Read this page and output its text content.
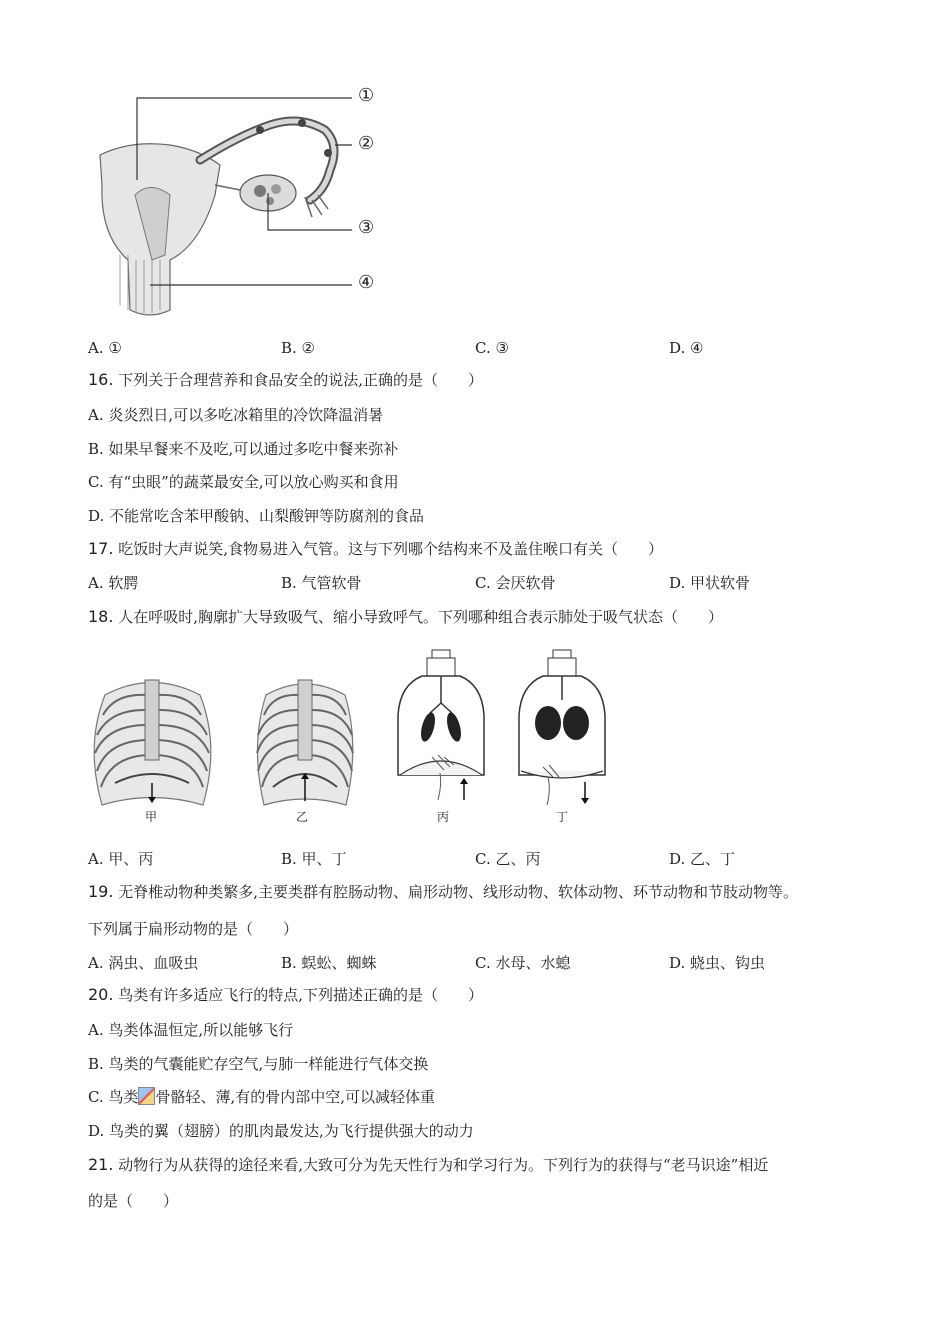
①
②
③
④
A. ①	B. ②	C. ③	D. ④
16. 下列关于合理营养和食品安全的说法,正确的是（　　）
A. 炎炎烈日,可以多吃冰箱里的冷饮降温消暑
B. 如果早餐来不及吃,可以通过多吃中餐来弥补
C. 有“虫眼”的蔬菜最安全,可以放心购买和食用
D. 不能常吃含苯甲酸钠、山梨酸钾等防腐剂的食品
17. 吃饭时大声说笑,食物易进入气管。这与下列哪个结构来不及盖住喉口有关（　　）
A. 软腭	B. 气管软骨	C. 会厌软骨	D. 甲状软骨
18. 人在呼吸时,胸廓扩大导致吸气、缩小导致呼气。下列哪种组合表示肺处于吸气状态（　　）
甲	乙	丙	丁
A. 甲、丙	B. 甲、丁	C. 乙、丙	D. 乙、丁
19. 无脊椎动物种类繁多,主要类群有腔肠动物、扁形动物、线形动物、软体动物、环节动物和节肢动物等。
下列属于扁形动物的是（　　）
A. 涡虫、血吸虫	B. 蜈蚣、蜘蛛	C. 水母、水螅	D. 蛲虫、钩虫
20. 鸟类有许多适应飞行的特点,下列描述正确的是（　　）
A. 鸟类体温恒定,所以能够飞行
B. 鸟类的气囊能贮存空气,与肺一样能进行气体交换
C. 鸟类 骨骼轻、薄,有的骨内部中空,可以减轻体重
D. 鸟类的翼（翅膀）的肌肉最发达,为飞行提供强大的动力
21. 动物行为从获得的途径来看,大致可分为先天性行为和学习行为。下列行为的获得与“老马识途”相近
的是（　　）
